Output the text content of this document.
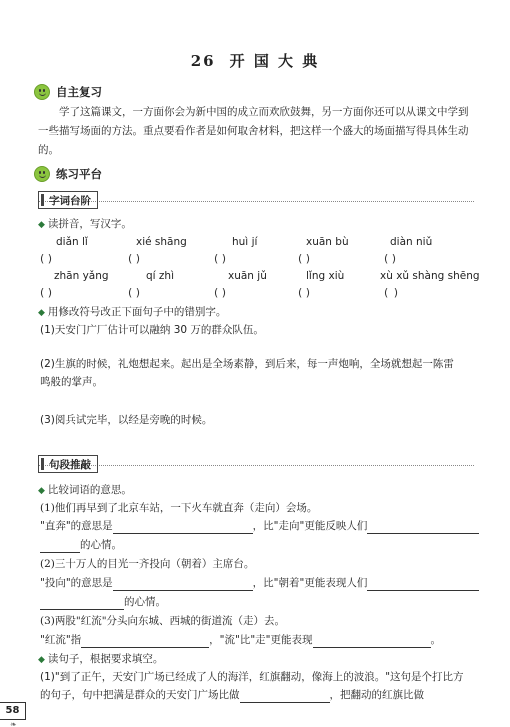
26 开 国 大 典
自主复习
学了这篇课文，一方面你会为新中国的成立而欢欣鼓舞，另一方面你还可以从课文中学到一些描写场面的方法。重点要看作者是如何取舍材料，把这样一个盛大的场面描写得具体生动的。
练习平台
字词台阶
◆ 读拼音，写汉字。
diǎn lǐ	xié shāng	huì jí	xuān bù	diàn niǔ
( )	( )	( )	( )	( )
zhān yǎng	qí zhì	xuān jǔ	lǐng xiù	xù xǔ shàng shēng
( )	( )	( )	( )	( )
◆ 用修改符号改正下面句子中的错别字。
(1)天安门广厂估计可以融纳 30 万的群众队伍。
(2)生旗的时候，礼炮想起来。起出是全场素静，到后来，每一声炮响，全场就想起一陈雷
鸣般的掌声。
(3)阅兵试完毕，以经是旁晚的时候。
句段推敲
◆ 比较词语的意思。
(1)他们再早到了北京车站，一下火车就直奔（走向）会场。
"直奔"的意思是	，比"走向"更能反映人们
的心情。
(2)三十万人的目光一齐投向（朝着）主席台。
"投向"的意思是	，比"朝着"更能表现人们
的心情。
(3)两股"红流"分头向东城、西城的街道流（走）去。
"红流"指	，"流"比"走"更能表现	。
◆ 读句子，根据要求填空。
(1)"到了正午，天安门广场已经成了人的海洋，红旗翻动，像海上的波浪。"这句是个打比方
的句子，句中把满是群众的天安门广场比做	，把翻动的红旗比做
58
❧
